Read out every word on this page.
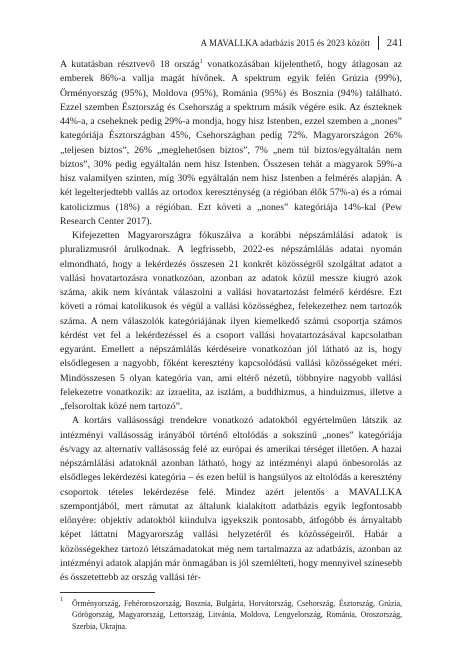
A MAVALLKA adatbázis 2015 és 2023 között 241

A kutatásban résztvevő 18 ország$^1$ vonatkozásában kijelenthető, hogy átlagosan az emberek 86%-a vallja magát hívőnek. A spektrum egyik felén Grúzia (99%), Örményország (95%), Moldova (95%), Románia (95%) és Bosznia (94%) található. Ezzel szemben Észtország és Csehország a spektrum másik végére esik. Az észteknek 44%-a, a cseheknek pedig 29%-a mondja, hogy hisz Istenben, ezzel szemben a „nones” kategóriája Észtországban 45%, Csehországban pedig 72%. Magyarországon 26% „teljesen biztos”, 26% „meglehetősen biztos”, 7% „nem túl biztos/egyáltalán nem biztos”, 30% pedig egyáltalán nem hisz Istenben. Összesen tehát a magyarok 59%-a hisz valamilyen szinten, míg 30% egyáltalán nem hisz Istenben a felmérés alapján. A két legelterjedtebb vallás az ortodox kereszténység (a régióban élők 57%-a) és a római katolicizmus (18%) a régióban. Ezt követi a „nones” kategóriája 14%-kal (Pew Research Center 2017).

Kifejezetten Magyarországra fókuszálva a korábbi népszámlálási adatok is pluralizmusról árulkodnak. A legfrissebb, 2022-es népszámlálás adatai nyomán elmondható, hogy a lekérdezés összesen 21 konkrét közösségről szolgáltat adatot a vallási hovatartozásra vonatkozóan, azonban az adatok közül messze kiugró azok száma, akik nem kívántak válaszolni a vallási hovatartozást felmérő kérdésre. Ezt követi a római katolikusok és végül a vallási közösséghez, felekezethez nem tartozók száma. A nem válaszolók kategóriájának ilyen kiemelkedő számú csoportja számos kérdést vet fel a lekérdezéssel és a csoport vallási hovatartozásával kapcsolatban egyaránt. Emellett a népszámlálás kérdéseire vonatkozóan jól látható az is, hogy elsődlegesen a nagyobb, főként keresztény kapcsolódású vallási közösségeket méri. Mindösszesen 5 olyan kategória van, ami eltérő nézetű, többnyire nagyobb vallási felekezetre vonatkozik: az izraelita, az iszlám, a buddhizmus, a hinduizmus, illetve a „felsoroltak közé nem tartozó”.

A kortárs vallásossági trendekre vonatkozó adatokból egyértelműen látszik az intézményi vallásosság irányából történő eltolódás a sokszínű „nones” kategóriája és/vagy az alternatív vallásosság felé az európai és amerikai térséget illetően. A hazai népszámlálási adatoknál azonban látható, hogy az intézményi alapú önbesorolás az elsődleges lekérdezési kategória – és ezen belül is hangsúlyos az eltolódás a keresztény csoportok tételes lekérdezése felé. Mindez azért jelentős a MAVALLKA szempontjából, mert rámutat az általunk kialakított adatbázis egyik legfontosabb előnyére: objektív adatokból kiindulva igyekszik pontosabb, átfogóbb és árnyaltabb képet láttatni Magyarország vallási helyzetéről és közösségeiről. Habár a közösségekhez tartozó létszámadatokat még nem tartalmazza az adatbázis, azonban az intézményi adatok alapján már önmagában is jól szemlélteti, hogy mennyivel színesebb és összetettebb az ország vallási tér-

1	Örményország, Fehéroroszország, Bosznia, Bulgária, Horvátország, Csehország, Észtország, Grúzia, Görögország, Magyarország, Lettország, Litvánia, Moldova, Lengyelország, Románia, Oroszország, Szerbia, Ukrajna.
